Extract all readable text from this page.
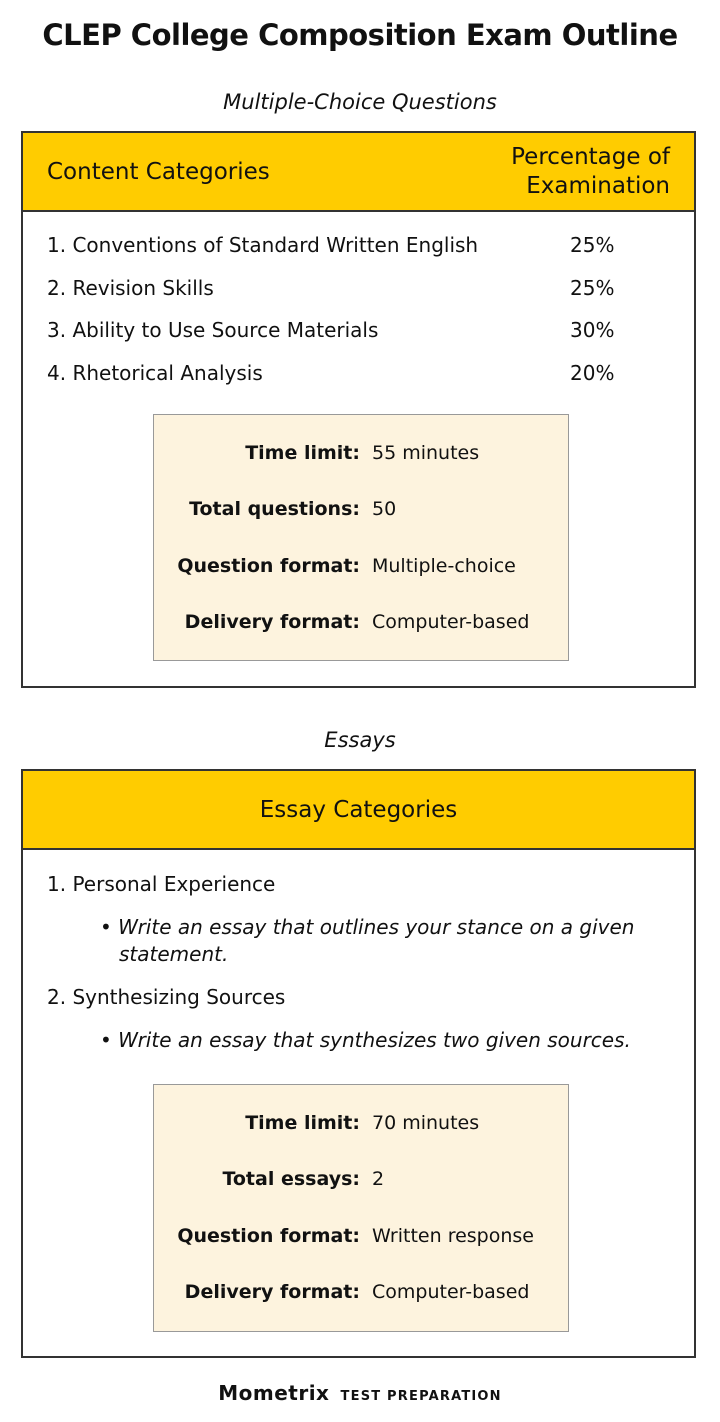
CLEP College Composition Exam Outline
Multiple-Choice Questions
Content Categories
Percentage of
Examination
1. Conventions of Standard Written English	25%
2. Revision Skills	25%
3. Ability to Use Source Materials	30%
4. Rhetorical Analysis	20%
Time limit: 55 minutes
Total questions: 50
Question format: Multiple-choice
Delivery format: Computer-based
Essays
Essay Categories
1. Personal Experience
• Write an essay that outlines your stance on a given
statement.
2. Synthesizing Sources
• Write an essay that synthesizes two given sources.
Time limit: 70 minutes
Total essays: 2
Question format: Written response
Delivery format: Computer-based
Mometrix TEST PREPARATION
